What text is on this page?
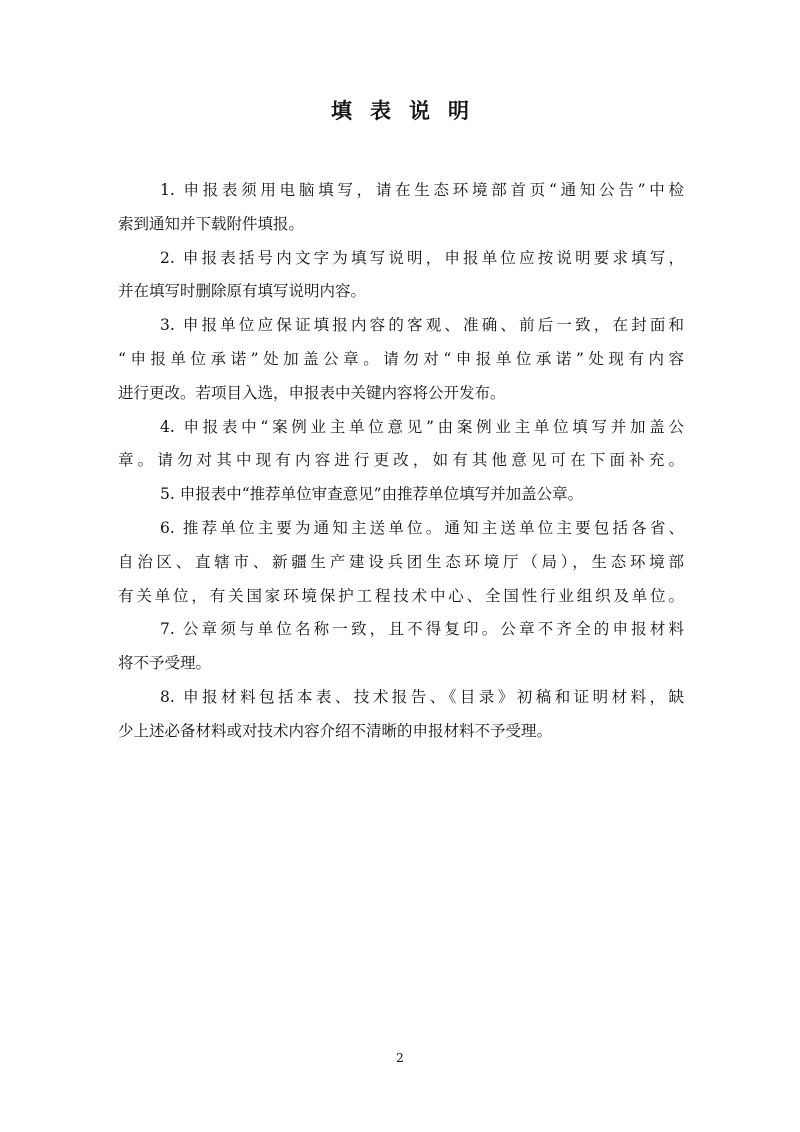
填表说明
1. 申报表须用电脑填写，请在生态环境部首页“通知公告”中检
索到通知并下载附件填报。
2. 申报表括号内文字为填写说明，申报单位应按说明要求填写，
并在填写时删除原有填写说明内容。
3. 申报单位应保证填报内容的客观、准确、前后一致，在封面和
“申报单位承诺”处加盖公章。请勿对“申报单位承诺”处现有内容
进行更改。若项目入选，申报表中关键内容将公开发布。
4. 申报表中“案例业主单位意见”由案例业主单位填写并加盖公
章。请勿对其中现有内容进行更改，如有其他意见可在下面补充。
5. 申报表中“推荐单位审查意见”由推荐单位填写并加盖公章。
6. 推荐单位主要为通知主送单位。通知主送单位主要包括各省、
自治区、直辖市、新疆生产建设兵团生态环境厅（局），生态环境部
有关单位，有关国家环境保护工程技术中心、全国性行业组织及单位。
7. 公章须与单位名称一致，且不得复印。公章不齐全的申报材料
将不予受理。
8. 申报材料包括本表、技术报告、《目录》初稿和证明材料，缺
少上述必备材料或对技术内容介绍不清晰的申报材料不予受理。
2
